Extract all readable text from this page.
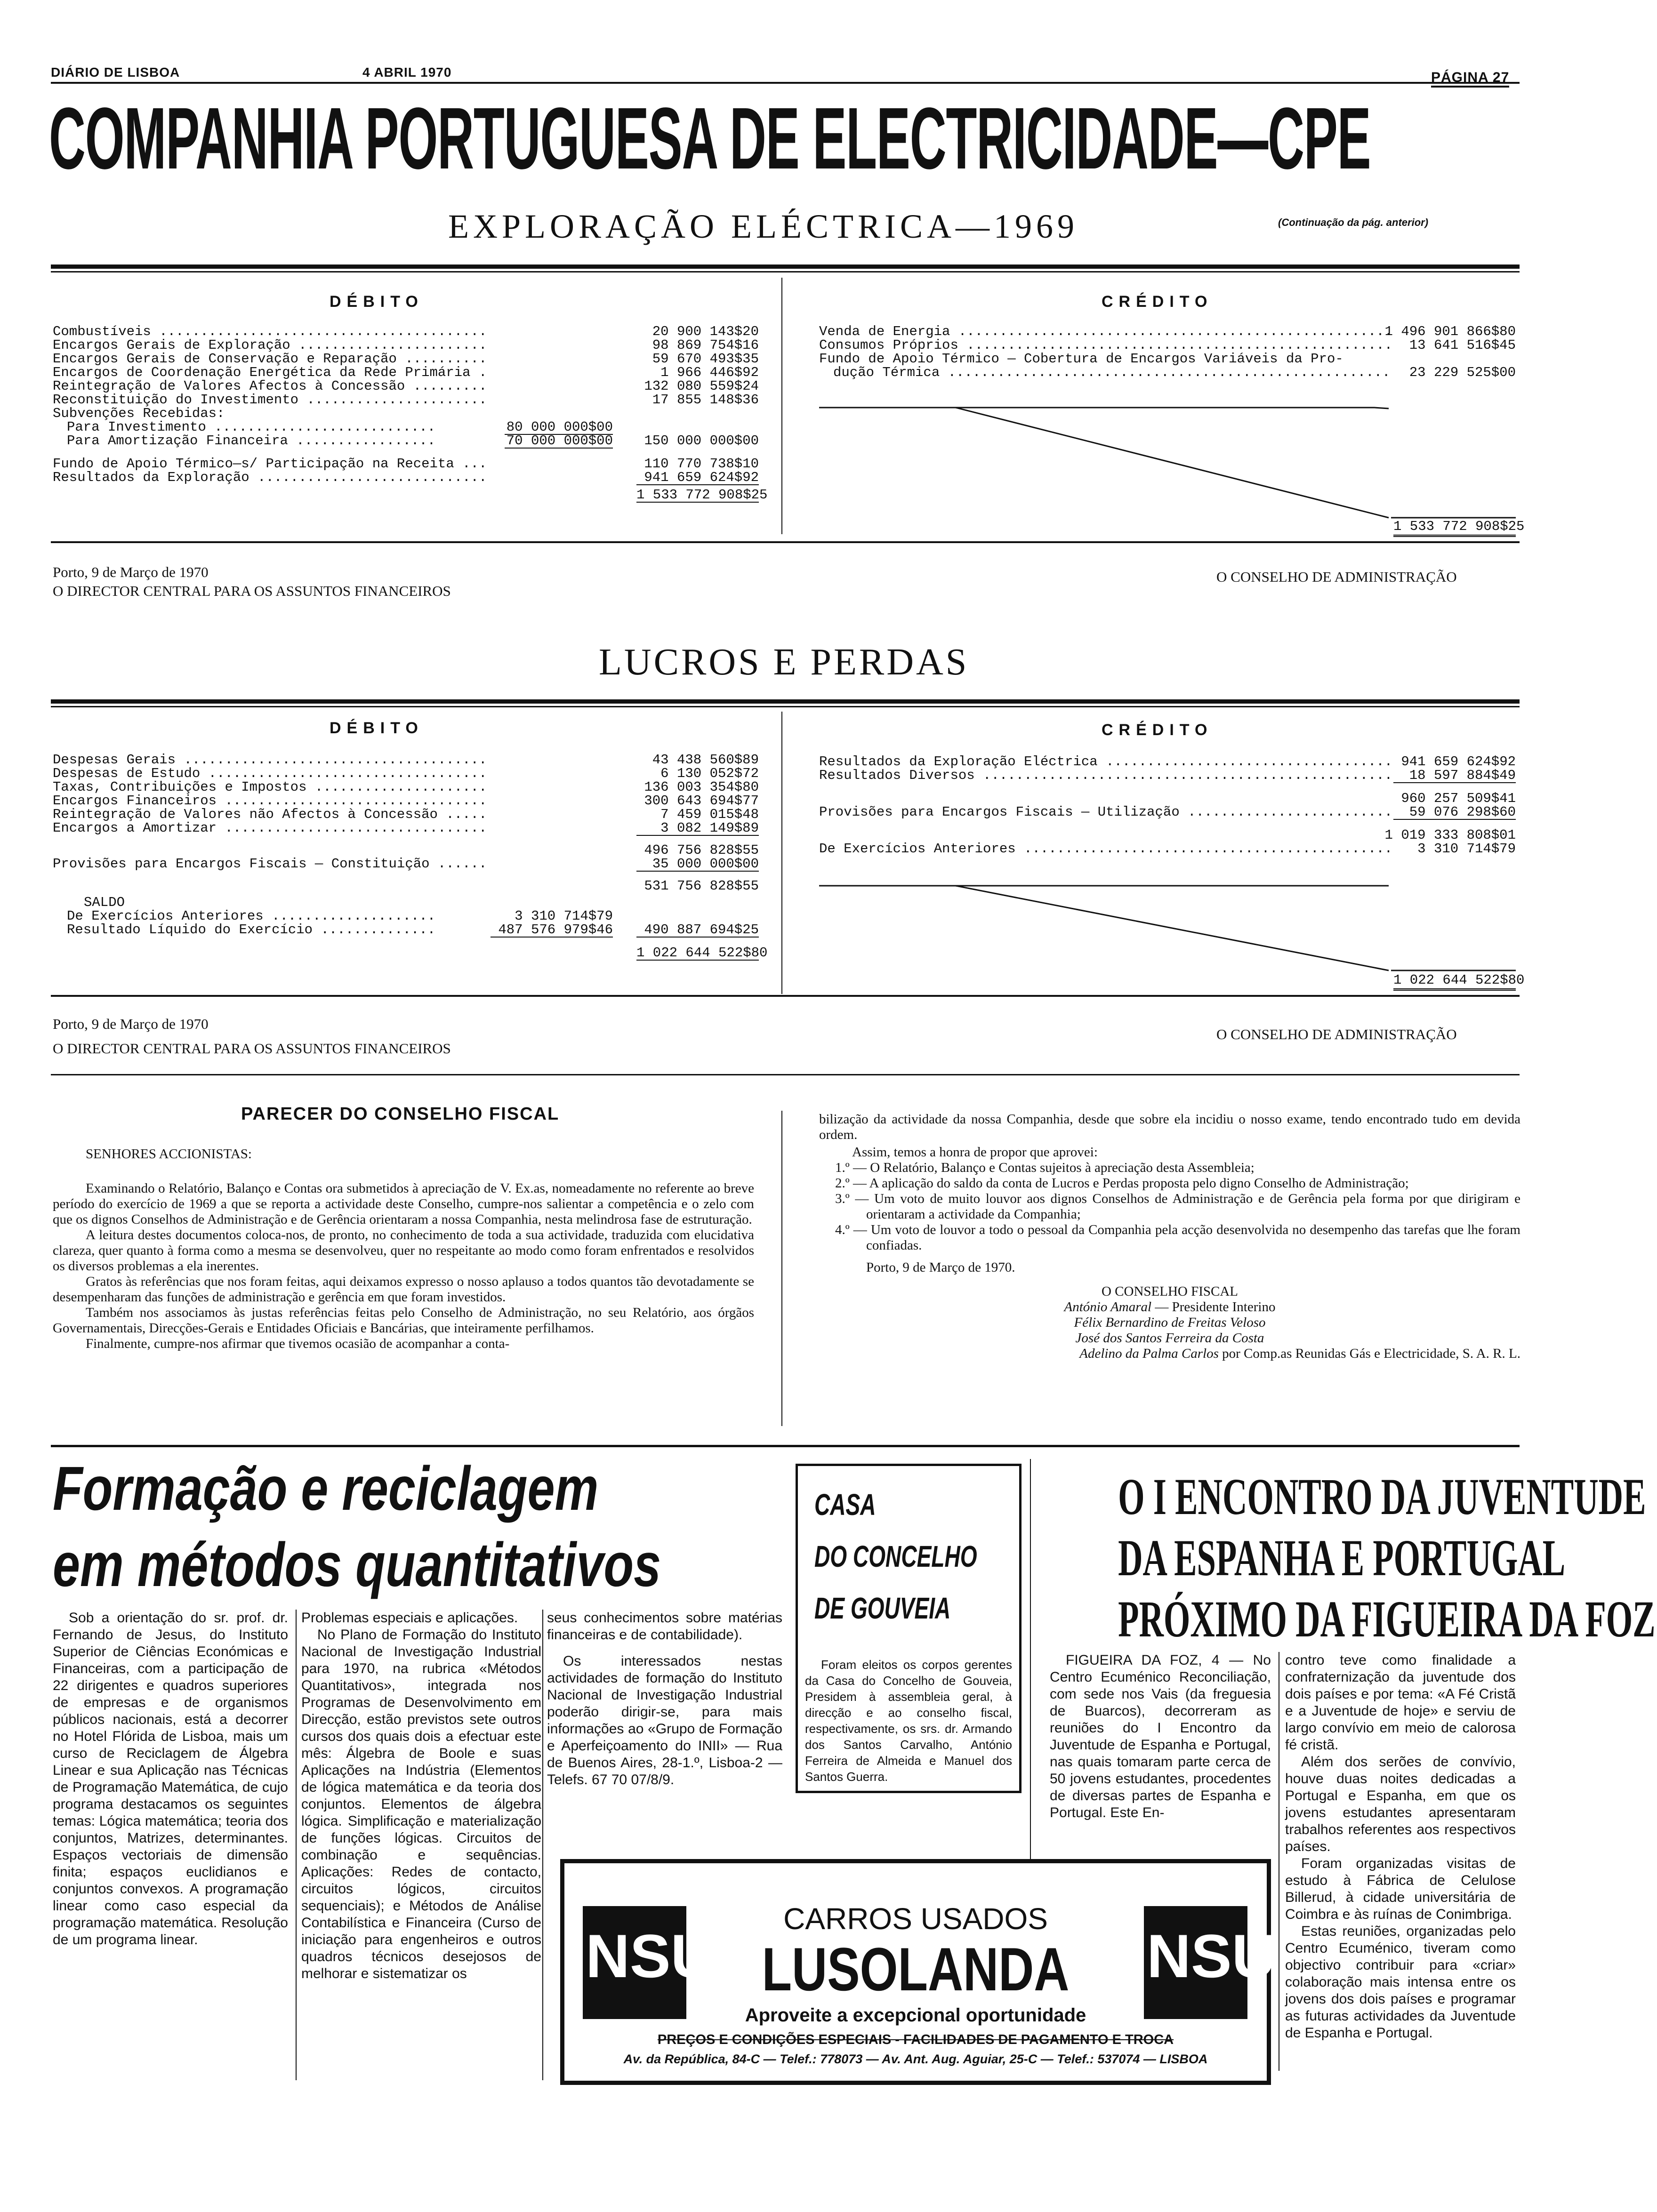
DIÁRIO DE LISBOA	4 ABRIL 1970	PÁGINA 27
COMPANHIA PORTUGUESA DE ELECTRICIDADE—CPE
EXPLORAÇÃO ELÉCTRICA—1969	(Continuação da pág. anterior)
DÉBITO	CRÉDITO
Combustíveis .....	20 900 143$20
Encargos Gerais de Exploração .....	98 869 754$16
Encargos Gerais de Conservação e Reparação .....	59 670 493$35
Encargos de Coordenação Energética da Rede Primária .....	1 966 446$92
Reintegração de Valores Afectos à Concessão .....	132 080 559$24
Reconstituição do Investimento .....	17 855 148$36
Subvenções Recebidas:
Para Investimento .....	80 000 000$00
Para Amortização Financeira .....	70 000 000$00 150 000 000$00
Fundo de Apoio Térmico—s/ Participação na Receita .....	110 770 738$10
Resultados da Exploração .....	941 659 624$92
1 533 772 908$25
Venda de Energia .....	1 496 901 866$80
Consumos Próprios .....	13 641 516$45
Fundo de Apoio Térmico — Cobertura de Encargos Variáveis da Pro-
dução Térmica .....	23 229 525$00
1 533 772 908$25
Porto, 9 de Março de 1970
O DIRECTOR CENTRAL PARA OS ASSUNTOS FINANCEIROS
O CONSELHO DE ADMINISTRAÇÃO
LUCROS E PERDAS
DÉBITO	CRÉDITO
Despesas Gerais .....	43 438 560$89
Despesas de Estudo .....	6 130 052$72
Taxas, Contribuições e Impostos .....	136 003 354$80
Encargos Financeiros .....	300 643 694$77
Reintegração de Valores não Afectos à Concessão .....	7 459 015$48
Encargos a Amortizar .....	3 082 149$89
496 756 828$55
Provisões para Encargos Fiscais — Constituição .....	35 000 000$00
531 756 828$55
SALDO
De Exercícios Anteriores .....	3 310 714$79
Resultado Líquido do Exercício .....	487 576 979$46	490 887 694$25
1 022 644 522$80
Resultados da Exploração Eléctrica .....	941 659 624$92
Resultados Diversos .....	18 597 884$49
960 257 509$41
Provisões para Encargos Fiscais — Utilização .....	59 076 298$60
1 019 333 808$01
De Exercícios Anteriores .....	3 310 714$79
1 022 644 522$80
Porto, 9 de Março de 1970
O DIRECTOR CENTRAL PARA OS ASSUNTOS FINANCEIROS
O CONSELHO DE ADMINISTRAÇÃO
PARECER DO CONSELHO FISCAL
SENHORES ACCIONISTAS:

Examinando o Relatório, Balanço e Contas ora submetidos à apreciação de V. Ex.as, nomeadamente no referente ao breve período do exercício de 1969 a que se reporta a actividade deste Conselho, cumpre-nos salientar a competência e o zelo com que os dignos Conselhos de Administração e de Gerência orientaram a nossa Companhia, nesta melindrosa fase de estruturação.

A leitura destes documentos coloca-nos, de pronto, no conhecimento de toda a sua actividade, traduzida com elucidativa clareza, quer quanto à forma como a mesma se desenvolveu, quer no respeitante ao modo como foram enfrentados e resolvidos os diversos problemas a ela inerentes.

Gratos às referências que nos foram feitas, aqui deixamos expresso o nosso aplauso a todos quantos tão devotadamente se desempenharam das funções de administração e gerência em que foram investidos.

Também nos associamos às justas referências feitas pelo Conselho de Administração, no seu Relatório, aos órgãos Governamentais, Direcções-Gerais e Entidades Oficiais e Bancárias, que inteiramente perfilhamos.

Finalmente, cumpre-nos afirmar que tivemos ocasião de acompanhar a conta-

bilização da actividade da nossa Companhia, desde que sobre ela incidiu o nosso exame, tendo encontrado tudo em devida ordem.

Assim, temos a honra de propor que aprovei:

1.º — O Relatório, Balanço e Contas sujeitos à apreciação desta Assembleia;
2.º — A aplicação do saldo da conta de Lucros e Perdas proposta pelo digno Conselho de Administração;
3.º — Um voto de muito louvor aos dignos Conselhos de Administração e de Gerência pela forma por que dirigiram e orientaram a actividade da Companhia;
4.º — Um voto de louvor a todo o pessoal da Companhia pela acção desenvolvida no desempenho das tarefas que lhe foram confiadas.
Porto, 9 de Março de 1970.
O CONSELHO FISCAL
António Amaral — Presidente Interino
Félix Bernardino de Freitas Veloso
José dos Santos Ferreira da Costa
Adelino da Palma Carlos por Comp.as Reunidas Gás e Electricidade, S. A. R. L.
Formação e reciclagem
em métodos quantitativos

Sob a orientação do sr. prof. dr. Fernando de Jesus, do Instituto Superior de Ciências Económicas e Financeiras, com a participação de 22 dirigentes e quadros superiores de empresas e de organismos públicos nacionais, está a decorrer no Hotel Flórida de Lisboa, mais um curso de Reciclagem de Álgebra Linear e sua Aplicação nas Técnicas de Programação Matemática, de cujo programa destacamos os seguintes temas: Lógica matemática; teoria dos conjuntos, Matrizes, determinantes. Espaços vectoriais de dimensão finita; espaços euclidianos e conjuntos convexos. A programação linear como caso especial da programação matemática. Resolução de um programa linear.

Problemas especiais e aplicações.

No Plano de Formação do Instituto Nacional de Investigação Industrial para 1970, na rubrica «Métodos Quantitativos», integrada nos Programas de Desenvolvimento em Direcção, estão previstos sete outros cursos dos quais dois a efectuar este mês: Álgebra de Boole e suas Aplicações na Indústria (Elementos de lógica matemática e da teoria dos conjuntos. Elementos de álgebra lógica. Simplificação e materialização de funções lógicas. Circuitos de combinação e sequências. Aplicações: Redes de contacto, circuitos lógicos, circuitos sequenciais); e Métodos de Análise Contabilística e Financeira (Curso de iniciação para engenheiros e outros quadros técnicos desejosos de melhorar e sistematizar os

seus conhecimentos sobre matérias financeiras e de contabilidade).

Os interessados nestas actividades de formação do Instituto Nacional de Investigação Industrial poderão dirigir-se, para mais informações ao «Grupo de Formação e Aperfeiçoamento do INII» — Rua de Buenos Aires, 28-1.º, Lisboa-2 — Telefs. 67 70 07/8/9.

CASA
DO CONCELHO
DE GOUVEIA

Foram eleitos os corpos gerentes da Casa do Concelho de Gouveia, Presidem à assembleia geral, à direcção e ao conselho fiscal, respectivamente, os srs. dr. Armando dos Santos Carvalho, António Ferreira de Almeida e Manuel dos Santos Guerra.

O I ENCONTRO DA JUVENTUDE
DA ESPANHA E PORTUGAL
PRÓXIMO DA FIGUEIRA DA FOZ

FIGUEIRA DA FOZ, 4 — No Centro Ecuménico Reconciliação, com sede nos Vais (da freguesia de Buarcos), decorreram as reuniões do I Encontro da Juventude de Espanha e Portugal, nas quais tomaram parte cerca de 50 jovens estudantes, procedentes de diversas partes de Espanha e Portugal. Este En-

contro teve como finalidade a confraternização da juventude dos dois países e por tema: «A Fé Cristã e a Juventude de hoje» e serviu de largo convívio em meio de calorosa fé cristã.

Além dos serões de convívio, houve duas noites dedicadas a Portugal e Espanha, em que os jovens estudantes apresentaram trabalhos referentes aos respectivos países.

Foram organizadas visitas de estudo à Fábrica de Celulose Billerud, à cidade universitária de Coimbra e às ruínas de Conimbriga.

Estas reuniões, organizadas pelo Centro Ecuménico, tiveram como objectivo contribuir para «criar» colaboração mais intensa entre os jovens dos dois países e programar as futuras actividades da Juventude de Espanha e Portugal.

NSU	NSU
CARROS USADOS
LUSOLANDA
Aproveite a excepcional oportunidade
PREÇOS E CONDIÇÕES ESPECIAIS - FACILIDADES DE PAGAMENTO E TROCA
Av. da República, 84-C — Telef.: 778073 — Av. Ant. Aug. Aguiar, 25-C — Telef.: 537074 — LISBOA
